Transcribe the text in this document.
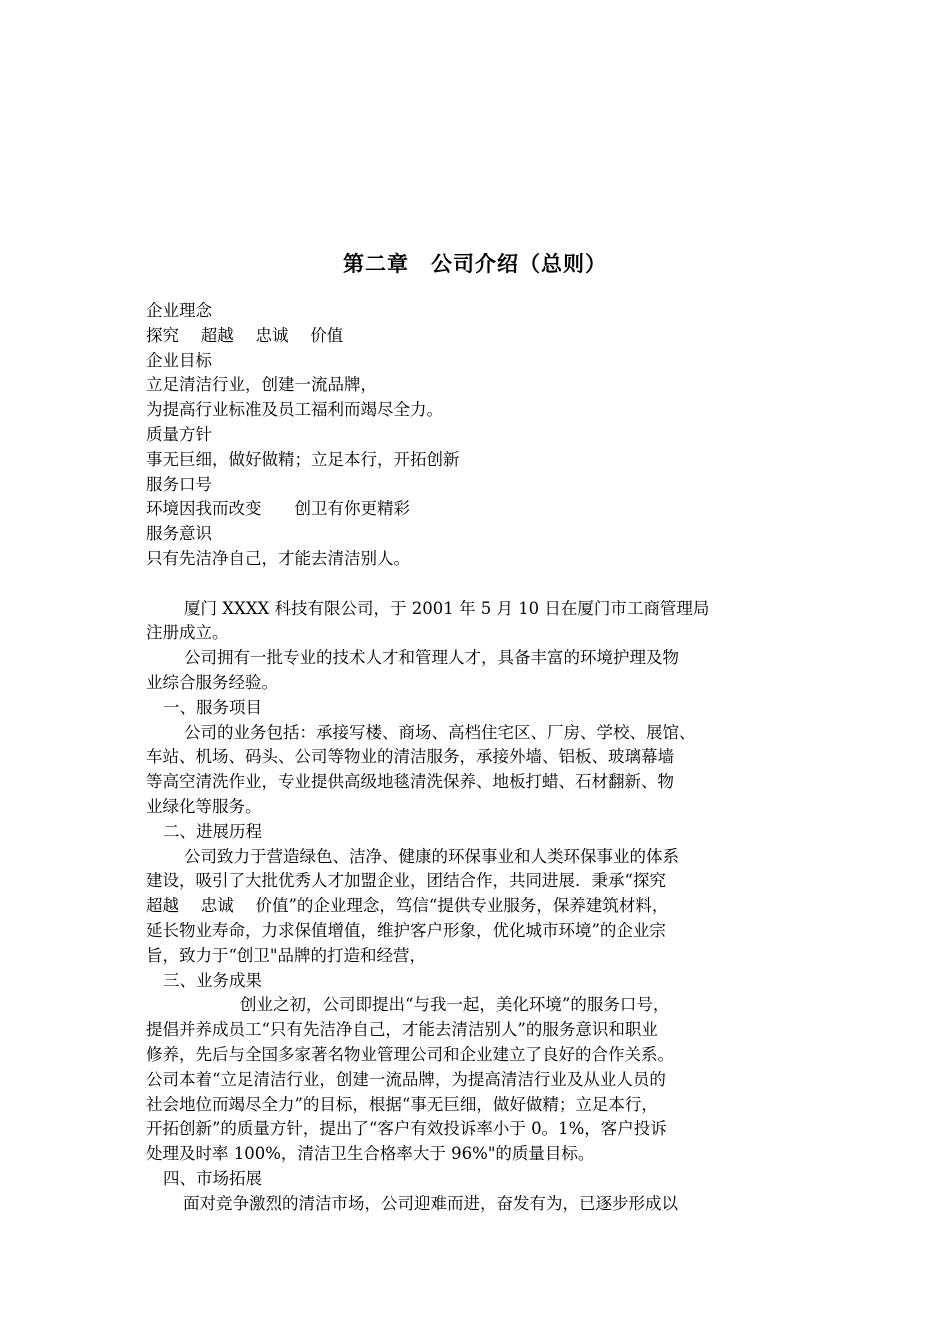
第二章　公司介绍（总则）
企业理念
探究　 超越　 忠诚　 价值
企业目标
立足清洁行业，创建一流品牌，
为提高行业标准及员工福利而竭尽全力。
质量方针
事无巨细，做好做精；立足本行，开拓创新
服务口号
环境因我而改变　　创卫有你更精彩
服务意识
只有先洁净自己，才能去清洁别人。
厦门 XXXX 科技有限公司，于 2001 年 5 月 10 日在厦门市工商管理局
注册成立。
公司拥有一批专业的技术人才和管理人才，具备丰富的环境护理及物
业综合服务经验。
一、服务项目
公司的业务包括：承接写楼、商场、高档住宅区、厂房、学校、展馆、
车站、机场、码头、公司等物业的清洁服务，承接外墙、铝板、玻璃幕墙
等高空清洗作业，专业提供高级地毯清洗保养、地板打蜡、石材翻新、物
业绿化等服务。
二、进展历程
公司致力于营造绿色、洁净、健康的环保事业和人类环保事业的体系
建设，吸引了大批优秀人才加盟企业，团结合作，共同进展．秉承“探究
超越　 忠诚　 价值”的企业理念，笃信“提供专业服务，保养建筑材料，
延长物业寿命，力求保值增值，维护客户形象，优化城市环境”的企业宗
旨，致力于“创卫"品牌的打造和经营，
三、业务成果
创业之初，公司即提出“与我一起，美化环境”的服务口号，
提倡并养成员工“只有先洁净自己，才能去清洁别人”的服务意识和职业
修养，先后与全国多家著名物业管理公司和企业建立了良好的合作关系。
公司本着“立足清洁行业，创建一流品牌，为提高清洁行业及从业人员的
社会地位而竭尽全力”的目标，根据“事无巨细，做好做精；立足本行，
开拓创新”的质量方针，提出了“客户有效投诉率小于 0。1%，客户投诉
处理及时率 100%，清洁卫生合格率大于 96%"的质量目标。
四、市场拓展
面对竞争激烈的清洁市场，公司迎难而进，奋发有为，已逐步形成以
